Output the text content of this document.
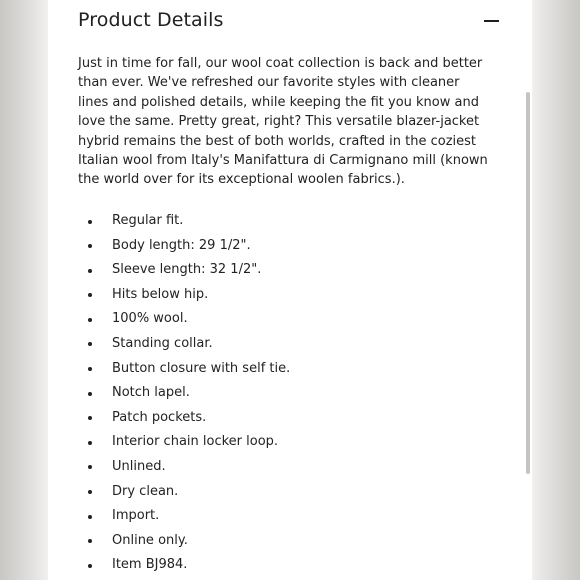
Product Details

Just in time for fall, our wool coat collection is back and better than ever. We've refreshed our favorite styles with cleaner lines and polished details, while keeping the fit you know and love the same. Pretty great, right? This versatile blazer-jacket hybrid remains the best of both worlds, crafted in the coziest Italian wool from Italy's Manifattura di Carmignano mill (known the world over for its exceptional woolen fabrics.).

Regular fit.
Body length: 29 1/2".
Sleeve length: 32 1/2".
Hits below hip.
100% wool.
Standing collar.
Button closure with self tie.
Notch lapel.
Patch pockets.
Interior chain locker loop.
Unlined.
Dry clean.
Import.
Online only.
Item BJ984.
